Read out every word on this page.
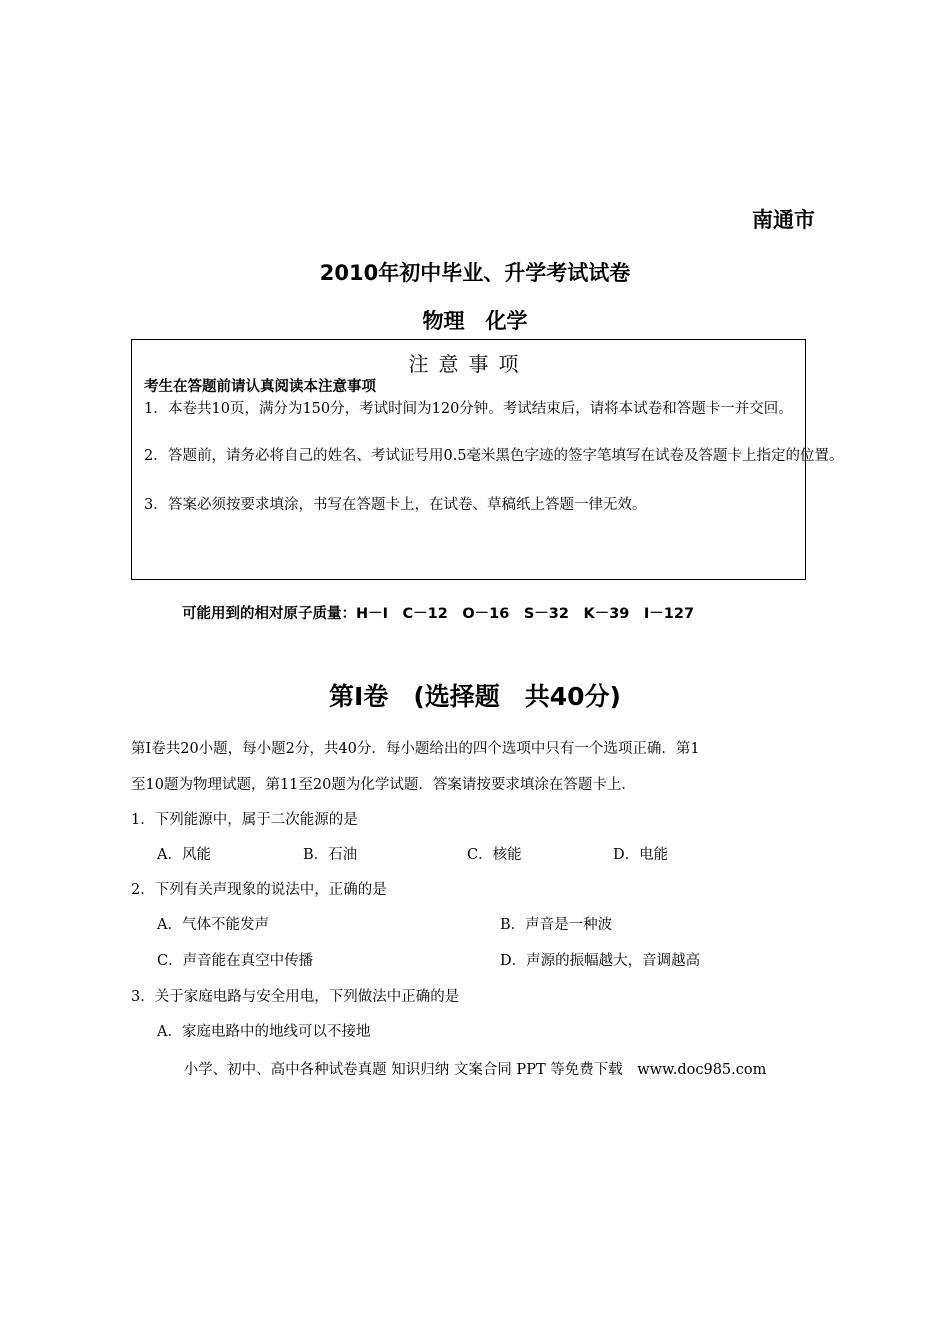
南通市
2010年初中毕业、升学考试试卷
物理　化学
注意事项
考生在答题前请认真阅读本注意事项
1． 本卷共10页，满分为150分，考试时间为120分钟。考试结束后，请将本试卷和答题卡一并交回。
2． 答题前，请务必将自己的姓名、考试证号用0.5毫米黑色字迹的签字笔填写在试卷及答题卡上指定的位置。
3． 答案必须按要求填涂，书写在答题卡上，在试卷、草稿纸上答题一律无效。
可能用到的相对原子质量：H－I　C－12　O－16　S－32　K－39　I－127
第Ⅰ卷　(选择题　共40分)
第Ⅰ卷共20小题，每小题2分，共40分．每小题给出的四个选项中只有一个选项正确．第1
至10题为物理试题，第11至20题为化学试题．答案请按要求填涂在答题卡上．
1．下列能源中，属于二次能源的是
A．风能	B．石油	C．核能	D．电能
2．下列有关声现象的说法中，正确的是
A．气体不能发声	B．声音是一种波
C．声音能在真空中传播	D．声源的振幅越大，音调越高
3．关于家庭电路与安全用电，下列做法中正确的是
A．家庭电路中的地线可以不接地
小学、初中、高中各种试卷真题 知识归纳 文案合同 PPT 等免费下载　www.doc985.com
